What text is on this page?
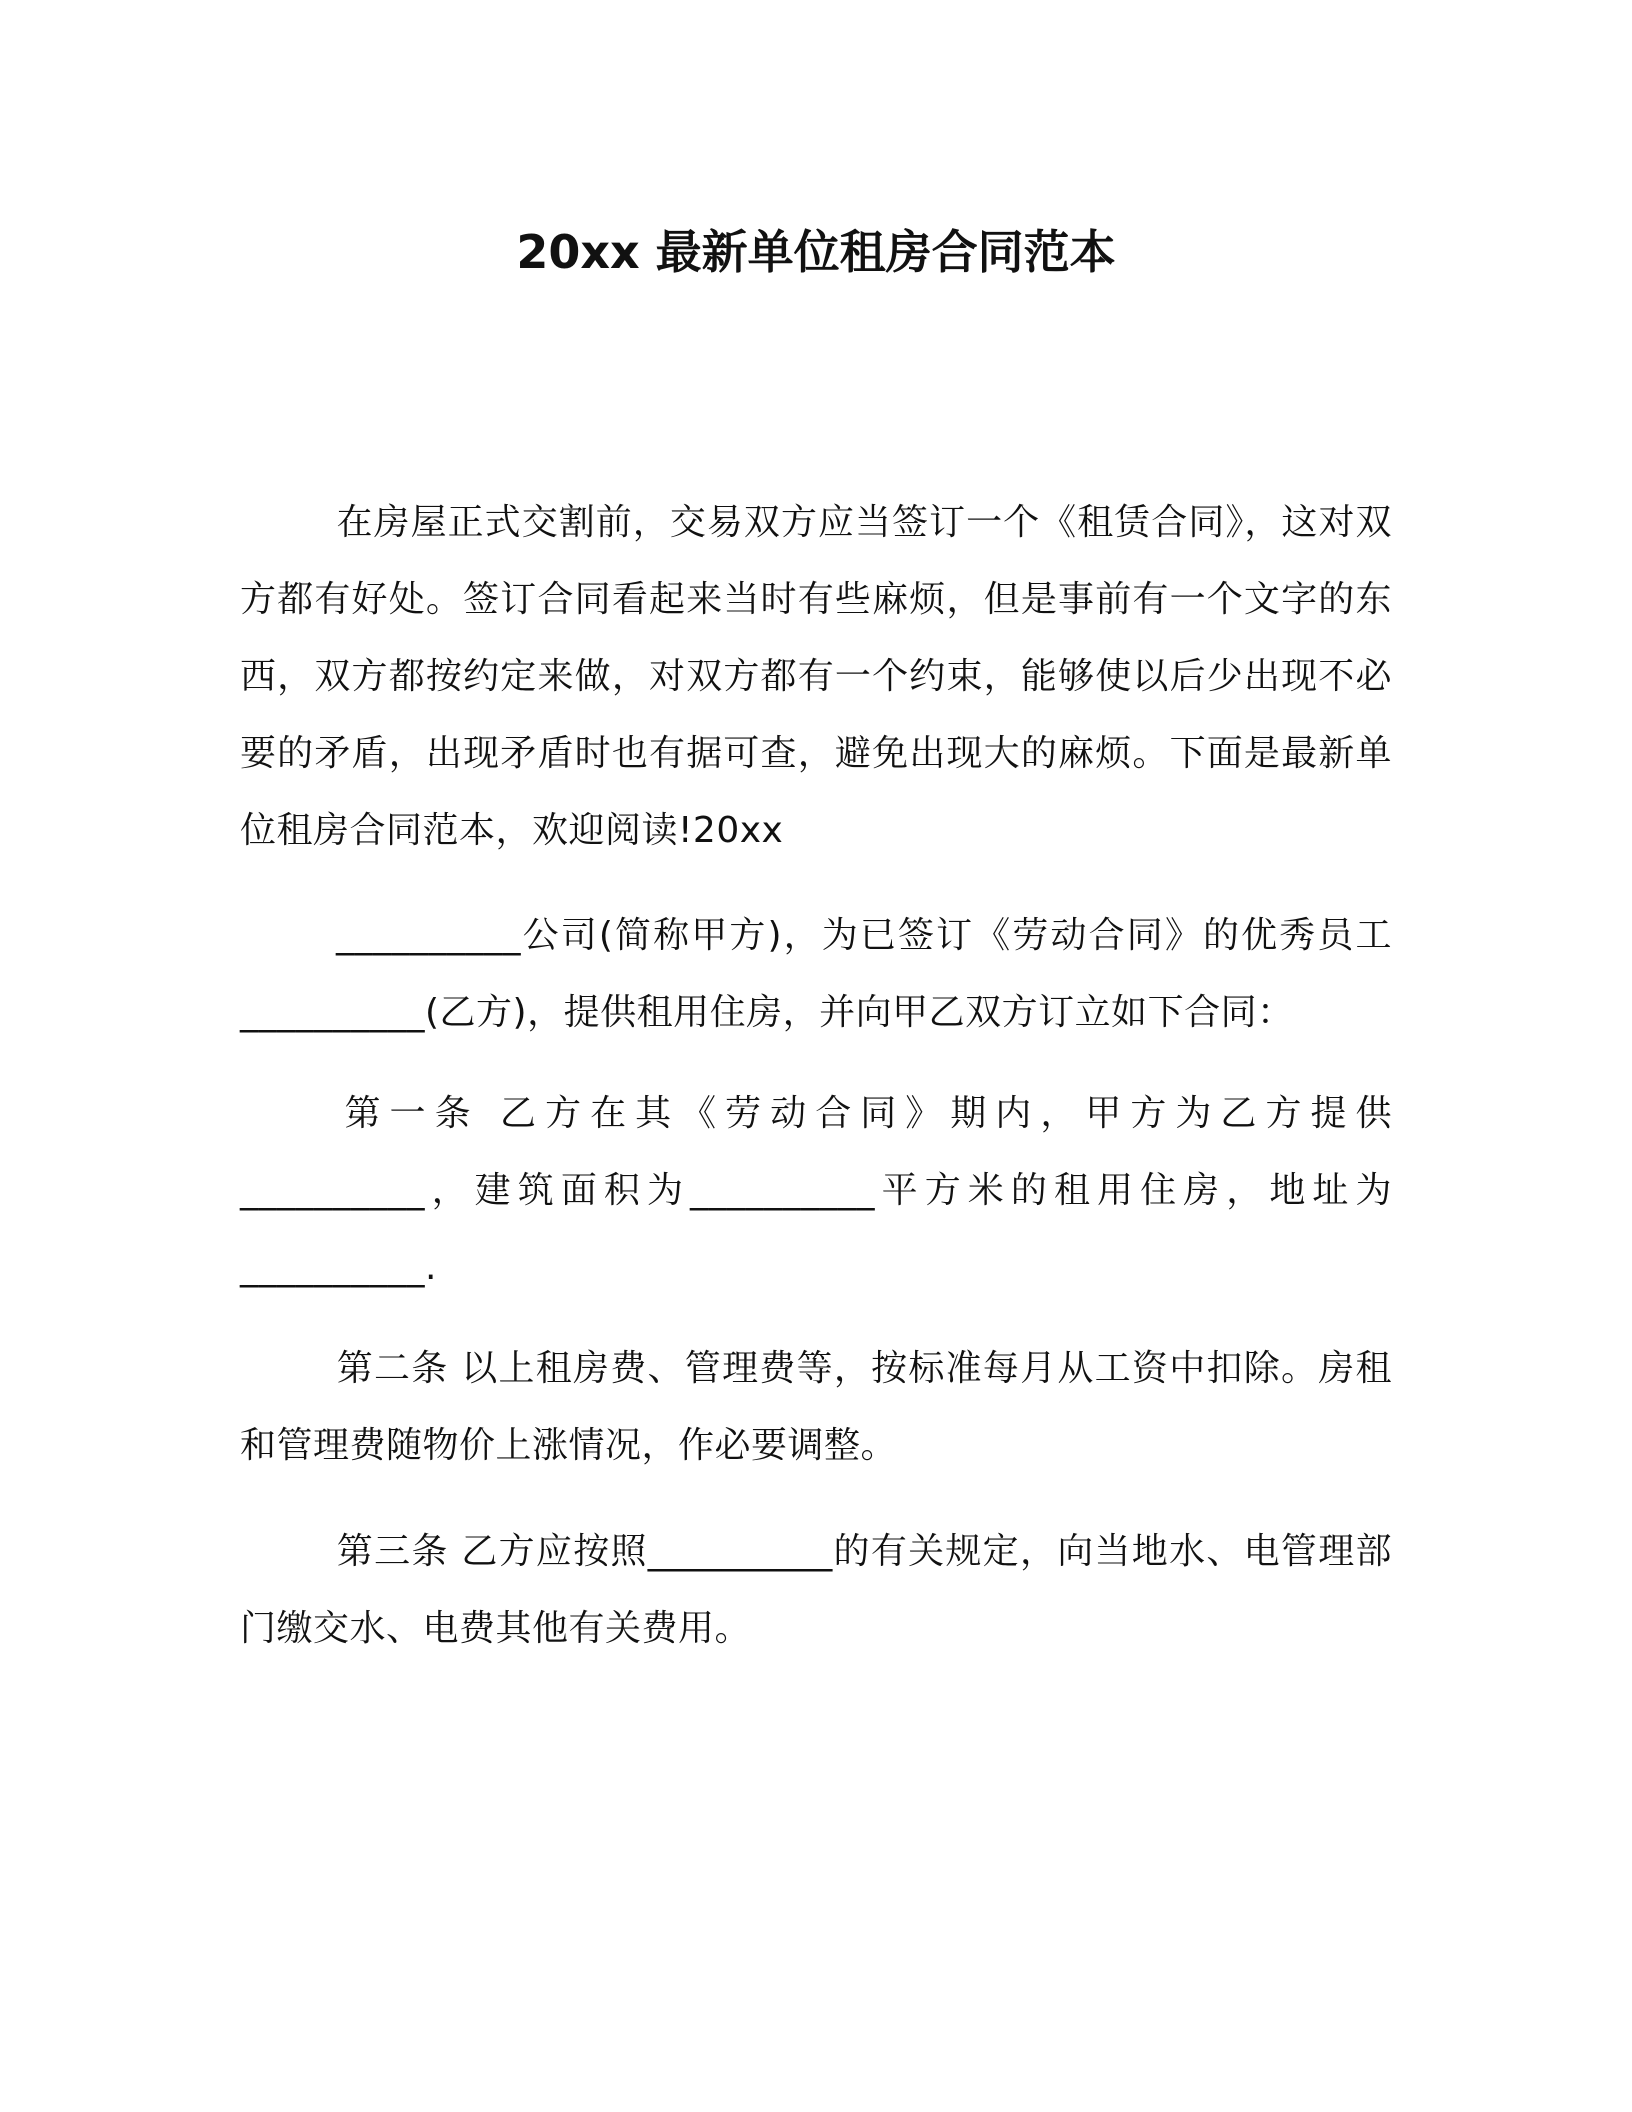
20xx 最新单位租房合同范本
在房屋正式交割前，交易双方应当签订一个《租赁合同》，这对双方都有好处。签订合同看起来当时有些麻烦，但是事前有一个文字的东西，双方都按约定来做，对双方都有一个约束，能够使以后少出现不必要的矛盾，出现矛盾时也有据可查，避免出现大的麻烦。下面是最新单位租房合同范本，欢迎阅读!20xx
__________公司(简称甲方)，为已签订《劳动合同》的优秀员工__________(乙方)，提供租用住房，并向甲乙双方订立如下合同：
第一条 乙方在其《劳动合同》期内，甲方为乙方提供__________，建筑面积为__________平方米的租用住房，地址为__________.
第二条 以上租房费、管理费等，按标准每月从工资中扣除。房租和管理费随物价上涨情况，作必要调整。
第三条 乙方应按照__________的有关规定，向当地水、电管理部门缴交水、电费其他有关费用。
